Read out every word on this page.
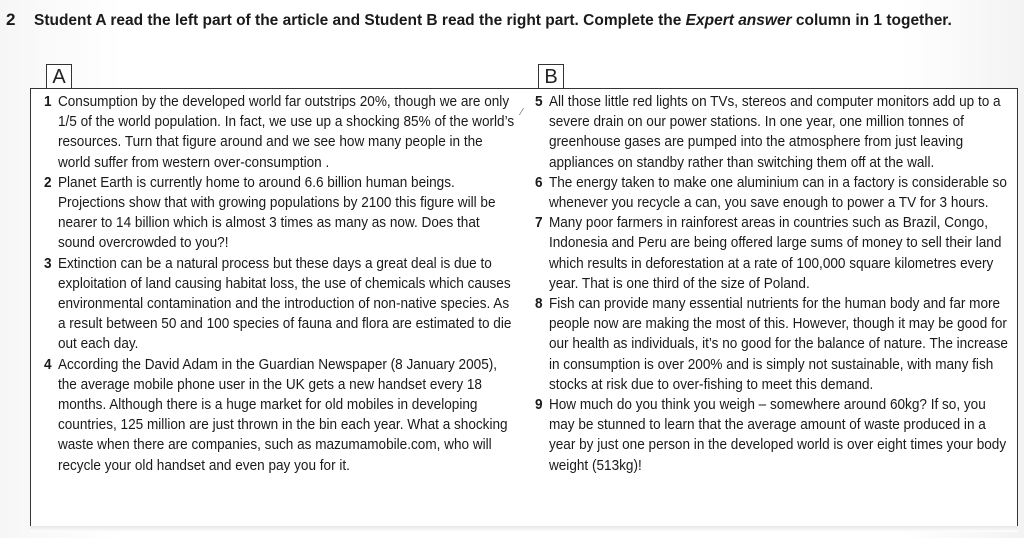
2 Student A read the left part of the article and Student B read the right part. Complete the Expert answer column in 1 together.
A	B
⁄
1 Consumption by the developed world far outstrips 20%, though we are only 1/5 of the world population. In fact, we use up a shocking 85% of the world’s resources. Turn that figure around and we see how many people in the world suffer from western over-consumption .
2 Planet Earth is currently home to around 6.6 billion human beings. Projections show that with growing populations by 2100 this figure will be nearer to 14 billion which is almost 3 times as many as now. Does that sound overcrowded to you?!
3 Extinction can be a natural process but these days a great deal is due to exploitation of land causing habitat loss, the use of chemicals which causes environmental contamination and the introduction of non-native species. As a result between 50 and 100 species of fauna and flora are estimated to die out each day.
4 According the David Adam in the Guardian Newspaper (8 January 2005), the average mobile phone user in the UK gets a new handset every 18 months. Although there is a huge market for old mobiles in developing countries, 125 million are just thrown in the bin each year. What a shocking waste when there are companies, such as mazumamobile.com, who will recycle your old handset and even pay you for it.
5 All those little red lights on TVs, stereos and computer monitors add up to a severe drain on our power stations. In one year, one million tonnes of greenhouse gases are pumped into the atmosphere from just leaving appliances on standby rather than switching them off at the wall.
6 The energy taken to make one aluminium can in a factory is considerable so whenever you recycle a can, you save enough to power a TV for 3 hours.
7 Many poor farmers in rainforest areas in countries such as Brazil, Congo, Indonesia and Peru are being offered large sums of money to sell their land which results in deforestation at a rate of 100,000 square kilometres every year. That is one third of the size of Poland.
8 Fish can provide many essential nutrients for the human body and far more people now are making the most of this. However, though it may be good for our health as individuals, it’s no good for the balance of nature. The increase in consumption is over 200% and is simply not sustainable, with many fish stocks at risk due to over-fishing to meet this demand.
9 How much do you think you weigh – somewhere around 60kg? If so, you may be stunned to learn that the average amount of waste produced in a year by just one person in the developed world is over eight times your body weight (513kg)!
